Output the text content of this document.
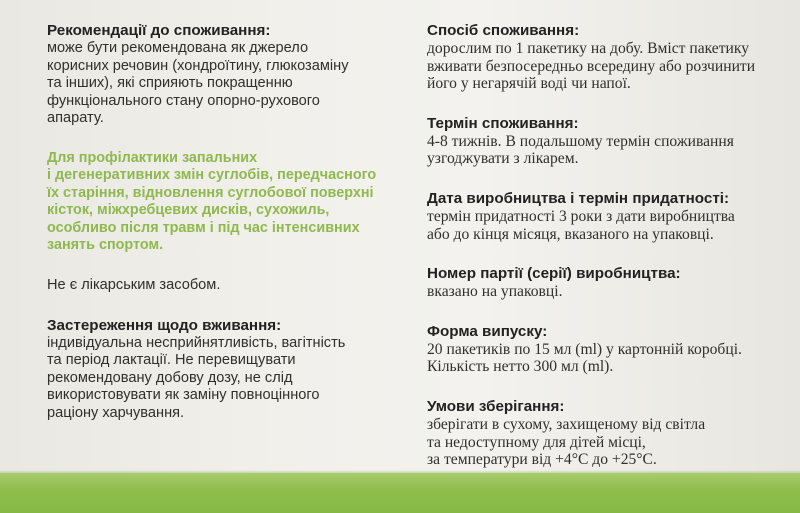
Рекомендації до споживання:
може бути рекомендована як джерело
корисних речовин (хондроїтину, глюкозаміну
та інших), які сприяють покращенню
функціонального стану опорно-рухового
апарату.
Для профілактики запальних
і дегенеративних змін суглобів, передчасного
їх старіння, відновлення суглобової поверхні
кісток, міжхребцевих дисків, сухожиль,
особливо після травм і під час інтенсивних
занять спортом.
Не є лікарським засобом.
Застереження щодо вживання:
індивідуальна несприйнятливість, вагітність
та період лактації. Не перевищувати
рекомендовану добову дозу, не слід
використовувати як заміну повноцінного
раціону харчування.
Спосіб споживання:
дорослим по 1 пакетику на добу. Вміст пакетику
вживати безпосередньо всередину або розчинити
його у негарячій воді чи напої.
Термін споживання:
4-8 тижнів. В подальшому термін споживання
узгоджувати з лікарем.
Дата виробництва і термін придатності:
термін придатності 3 роки з дати виробництва
або до кінця місяця, вказаного на упаковці.
Номер партії (серії) виробництва:
вказано на упаковці.
Форма випуску:
20 пакетиків по 15 мл (ml) у картонній коробці.
Кількість нетто 300 мл (ml).
Умови зберігання:
зберігати в сухому, захищеному від світла
та недоступному для дітей місці,
за температури від +4°C до +25°C.
